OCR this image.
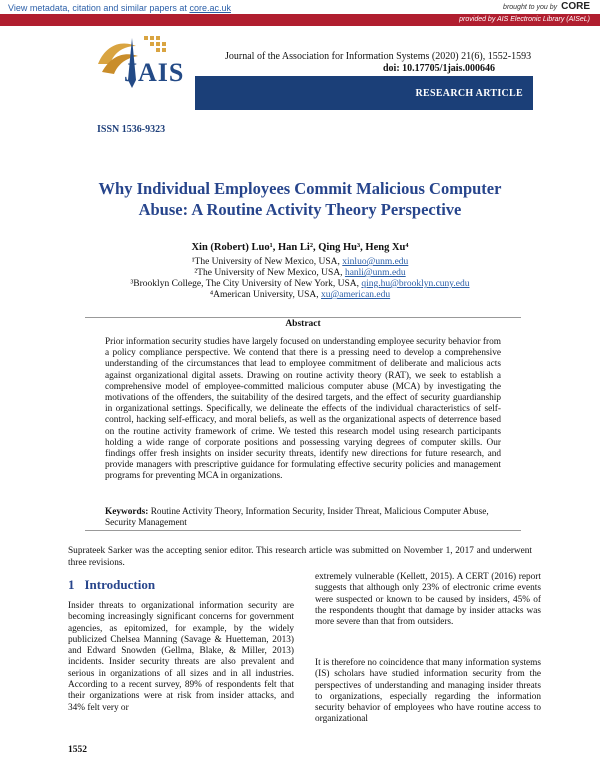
View metadata, citation and similar papers at core.ac.uk	brought to you by CORE
provided by AIS Electronic Library (AISeL)
JAIS
ISSN 1536-9323
Journal of the Association for Information Systems (2020) 21(6), 1552-1593
doi: 10.17705/1jais.000646
RESEARCH ARTICLE
Why Individual Employees Commit Malicious Computer
Abuse: A Routine Activity Theory Perspective
Xin (Robert) Luo¹, Han Li², Qing Hu³, Heng Xu⁴
¹The University of New Mexico, USA, xinluo@unm.edu
²The University of New Mexico, USA, hanli@unm.edu
³Brooklyn College, The City University of New York, USA, qing.hu@brooklyn.cuny.edu
⁴American University, USA, xu@american.edu
Abstract
Prior information security studies have largely focused on understanding employee security behavior from a policy compliance perspective. We contend that there is a pressing need to develop a comprehensive understanding of the circumstances that lead to employee commitment of deliberate and malicious acts against organizational digital assets. Drawing on routine activity theory (RAT), we seek to establish a comprehensive model of employee-committed malicious computer abuse (MCA) by investigating the motivations of the offenders, the suitability of the desired targets, and the effect of security guardianship in organizational settings. Specifically, we delineate the effects of the individual characteristics of self-control, hacking self-efficacy, and moral beliefs, as well as the organizational aspects of deterrence based on the routine activity framework of crime. We tested this research model using research participants holding a wide range of corporate positions and possessing varying degrees of computer skills. Our findings offer fresh insights on insider security threats, identify new directions for future research, and provide managers with prescriptive guidance for formulating effective security policies and management programs for preventing MCA in organizations.
Keywords: Routine Activity Theory, Information Security, Insider Threat, Malicious Computer Abuse, Security Management
Suprateek Sarker was the accepting senior editor. This research article was submitted on November 1, 2017 and underwent three revisions.
1 Introduction
Insider threats to organizational information security are becoming increasingly significant concerns for government agencies, as epitomized, for example, by the widely publicized Chelsea Manning (Savage & Huetteman, 2013) and Edward Snowden (Gellma, Blake, & Miller, 2013) incidents. Insider security threats are also prevalent and serious in organizations of all sizes and in all industries. According to a recent survey, 89% of respondents felt that their organizations were at risk from insider attacks, and 34% felt very or
extremely vulnerable (Kellett, 2015). A CERT (2016) report suggests that although only 23% of electronic crime events were suspected or known to be caused by insiders, 45% of the respondents thought that damage by insider attacks was more severe than that from outsiders.
It is therefore no coincidence that many information systems (IS) scholars have studied information security from the perspectives of understanding and managing insider threats to organizations, especially regarding the information security behavior of employees who have routine access to organizational
1552
